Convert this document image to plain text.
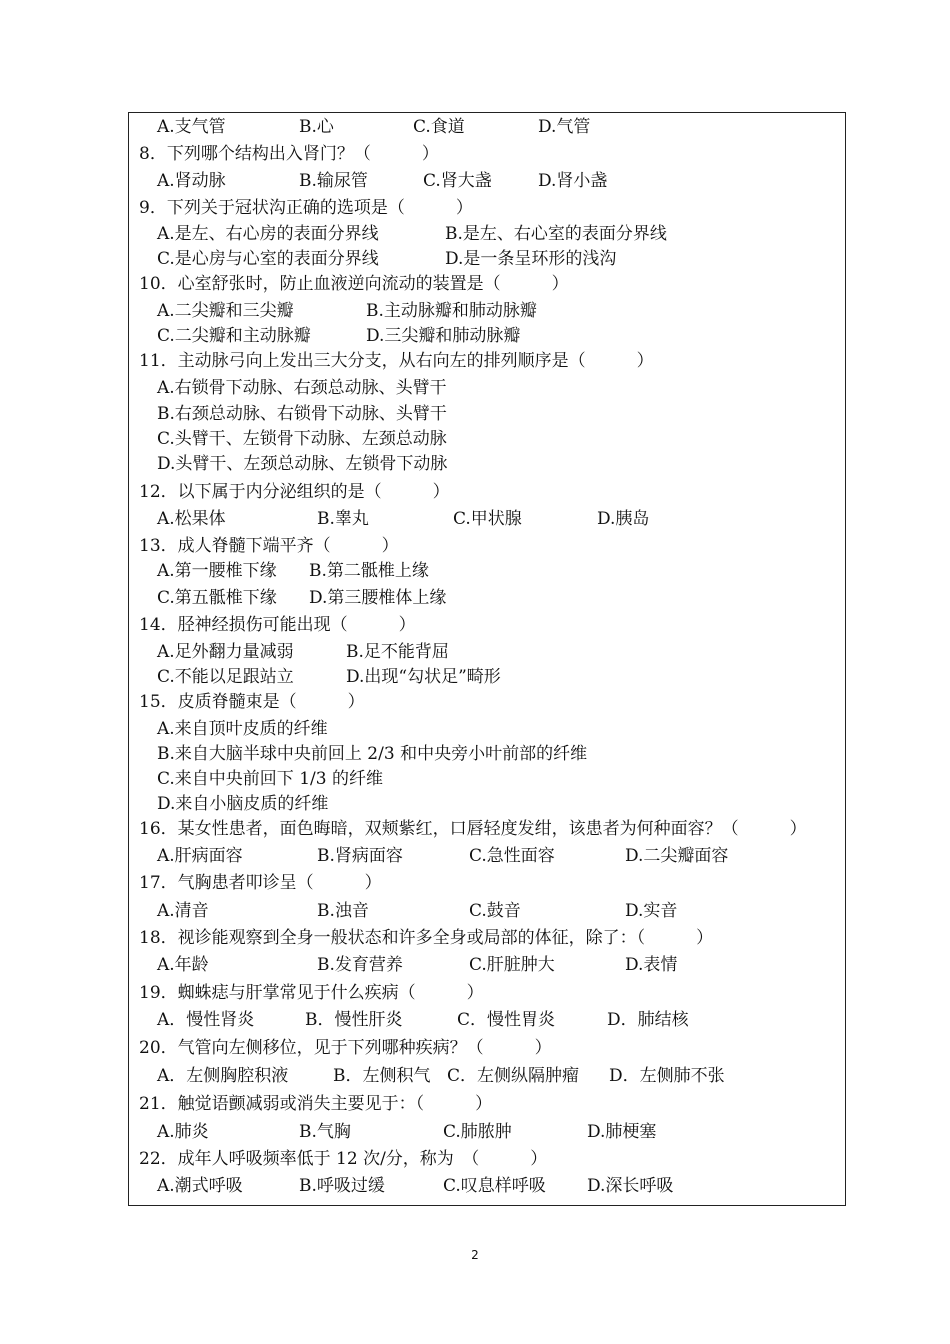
A.支气管	B.心	C.食道	D.气管
8．下列哪个结构出入肾门？（　　　）
A.肾动脉	B.输尿管	C.肾大盏	D.肾小盏
9．下列关于冠状沟正确的选项是（　　　）
A.是左、右心房的表面分界线	B.是左、右心室的表面分界线
C.是心房与心室的表面分界线	D.是一条呈环形的浅沟
10．心室舒张时，防止血液逆向流动的装置是（　　　）
A.二尖瓣和三尖瓣	B.主动脉瓣和肺动脉瓣
C.二尖瓣和主动脉瓣	D.三尖瓣和肺动脉瓣
11．主动脉弓向上发出三大分支，从右向左的排列顺序是（　　　）
A.右锁骨下动脉、右颈总动脉、头臂干
B.右颈总动脉、右锁骨下动脉、头臂干
C.头臂干、左锁骨下动脉、左颈总动脉
D.头臂干、左颈总动脉、左锁骨下动脉
12．以下属于内分泌组织的是（　　　）
A.松果体	B.睾丸	C.甲状腺	D.胰岛
13．成人脊髓下端平齐（　　　）
A.第一腰椎下缘 B.第二骶椎上缘
C.第五骶椎下缘 D.第三腰椎体上缘
14．胫神经损伤可能出现（　　　）
A.足外翻力量减弱	B.足不能背屈
C.不能以足跟站立	D.出现“勾状足”畸形
15．皮质脊髓束是（　　　）
A.来自顶叶皮质的纤维
B.来自大脑半球中央前回上 2/3 和中央旁小叶前部的纤维
C.来自中央前回下 1/3 的纤维
D.来自小脑皮质的纤维
16．某女性患者，面色晦暗，双颊紫红，口唇轻度发绀，该患者为何种面容？（　　　）
A.肝病面容	B.肾病面容	C.急性面容	D.二尖瓣面容
17．气胸患者叩诊呈（　　　）
A.清音	B.浊音	C.鼓音	D.实音
18．视诊能观察到全身一般状态和许多全身或局部的体征，除了：（　　　）
A.年龄	B.发育营养	C.肝脏肿大	D.表情
19．蜘蛛痣与肝掌常见于什么疾病（　　　）
A．慢性肾炎	B．慢性肝炎	C．慢性胃炎	D．肺结核
20．气管向左侧移位，见于下列哪种疾病？（　　　）
A．左侧胸腔积液	B．左侧积气 C．左侧纵隔肿瘤 D．左侧肺不张
21．触觉语颤减弱或消失主要见于：（　　　）
A.肺炎	B.气胸	C.肺脓肿	D.肺梗塞
22．成年人呼吸频率低于 12 次/分，称为　（　　　）
A.潮式呼吸	B.呼吸过缓	C.叹息样呼吸 D.深长呼吸
2
